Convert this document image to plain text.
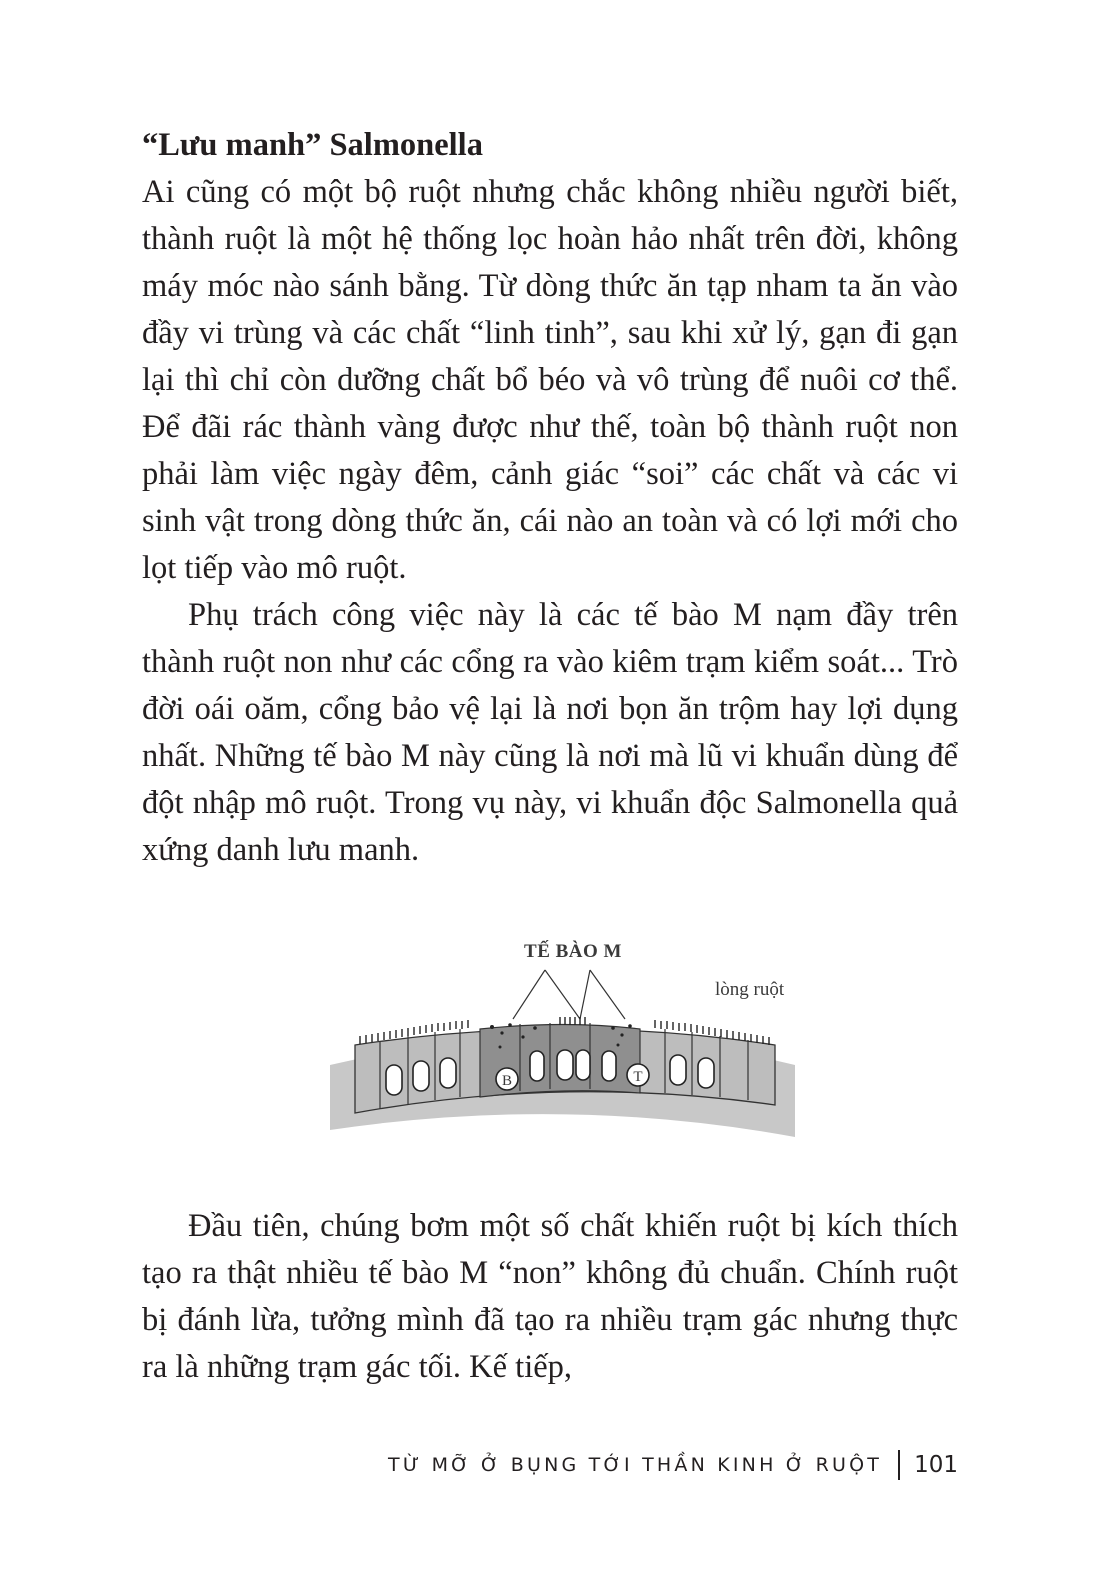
“Lưu manh” Salmonella

Ai cũng có một bộ ruột nhưng chắc không nhiều người biết, thành ruột là một hệ thống lọc hoàn hảo nhất trên đời, không máy móc nào sánh bằng. Từ dòng thức ăn tạp nham ta ăn vào đầy vi trùng và các chất “linh tinh”, sau khi xử lý, gạn đi gạn lại thì chỉ còn dưỡng chất bổ béo và vô trùng để nuôi cơ thể. Để đãi rác thành vàng được như thế, toàn bộ thành ruột non phải làm việc ngày đêm, cảnh giác “soi” các chất và các vi sinh vật trong dòng thức ăn, cái nào an toàn và có lợi mới cho lọt tiếp vào mô ruột.

Phụ trách công việc này là các tế bào M nạm đầy trên thành ruột non như các cổng ra vào kiêm trạm kiểm soát... Trò đời oái oăm, cổng bảo vệ lại là nơi bọn ăn trộm hay lợi dụng nhất. Những tế bào M này cũng là nơi mà lũ vi khuẩn dùng để đột nhập mô ruột. Trong vụ này, vi khuẩn độc Salmonella quả xứng danh lưu manh.

TẾ BÀO M
lòng ruột
B	T

Đầu tiên, chúng bơm một số chất khiến ruột bị kích thích tạo ra thật nhiều tế bào M “non” không đủ chuẩn. Chính ruột bị đánh lừa, tưởng mình đã tạo ra nhiều trạm gác nhưng thực ra là những trạm gác tối. Kế tiếp,

TỪ MỠ Ở BỤNG TỚI THẦN KINH Ở RUỘT 101
